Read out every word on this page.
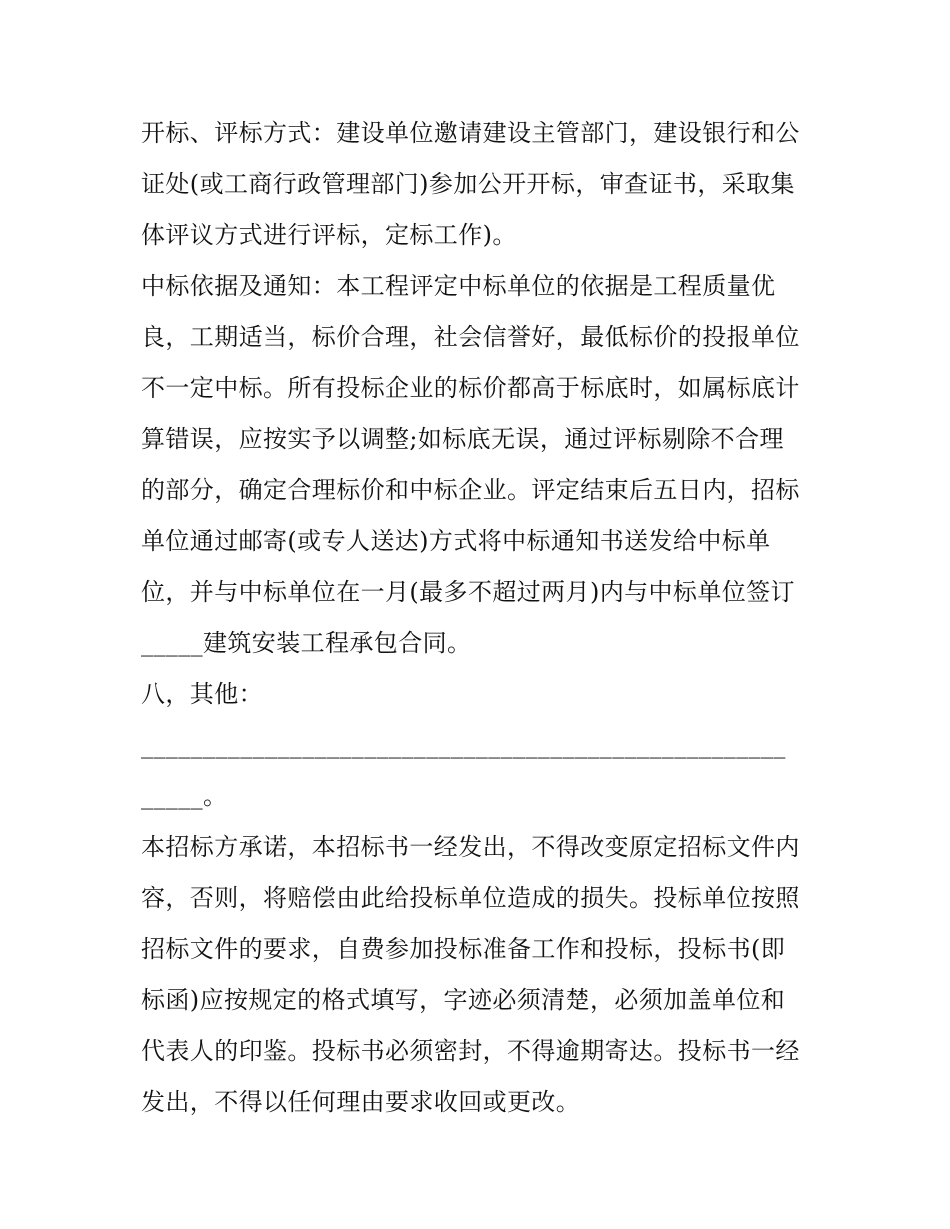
开标、评标方式：建设单位邀请建设主管部门，建设银行和公
证处(或工商行政管理部门)参加公开开标，审查证书，采取集
体评议方式进行评标，定标工作)。
中标依据及通知：本工程评定中标单位的依据是工程质量优
良，工期适当，标价合理，社会信誉好，最低标价的投报单位
不一定中标。所有投标企业的标价都高于标底时，如属标底计
算错误，应按实予以调整;如标底无误，通过评标剔除不合理
的部分，确定合理标价和中标企业。评定结束后五日内，招标
单位通过邮寄(或专人送达)方式将中标通知书送发给中标单
位，并与中标单位在一月(最多不超过两月)内与中标单位签订
_____建筑安装工程承包合同。
八，其他：
____________________________________________________
_____。
本招标方承诺，本招标书一经发出，不得改变原定招标文件内
容，否则，将赔偿由此给投标单位造成的损失。投标单位按照
招标文件的要求，自费参加投标准备工作和投标，投标书(即
标函)应按规定的格式填写，字迹必须清楚，必须加盖单位和
代表人的印鉴。投标书必须密封，不得逾期寄达。投标书一经
发出，不得以任何理由要求收回或更改。
